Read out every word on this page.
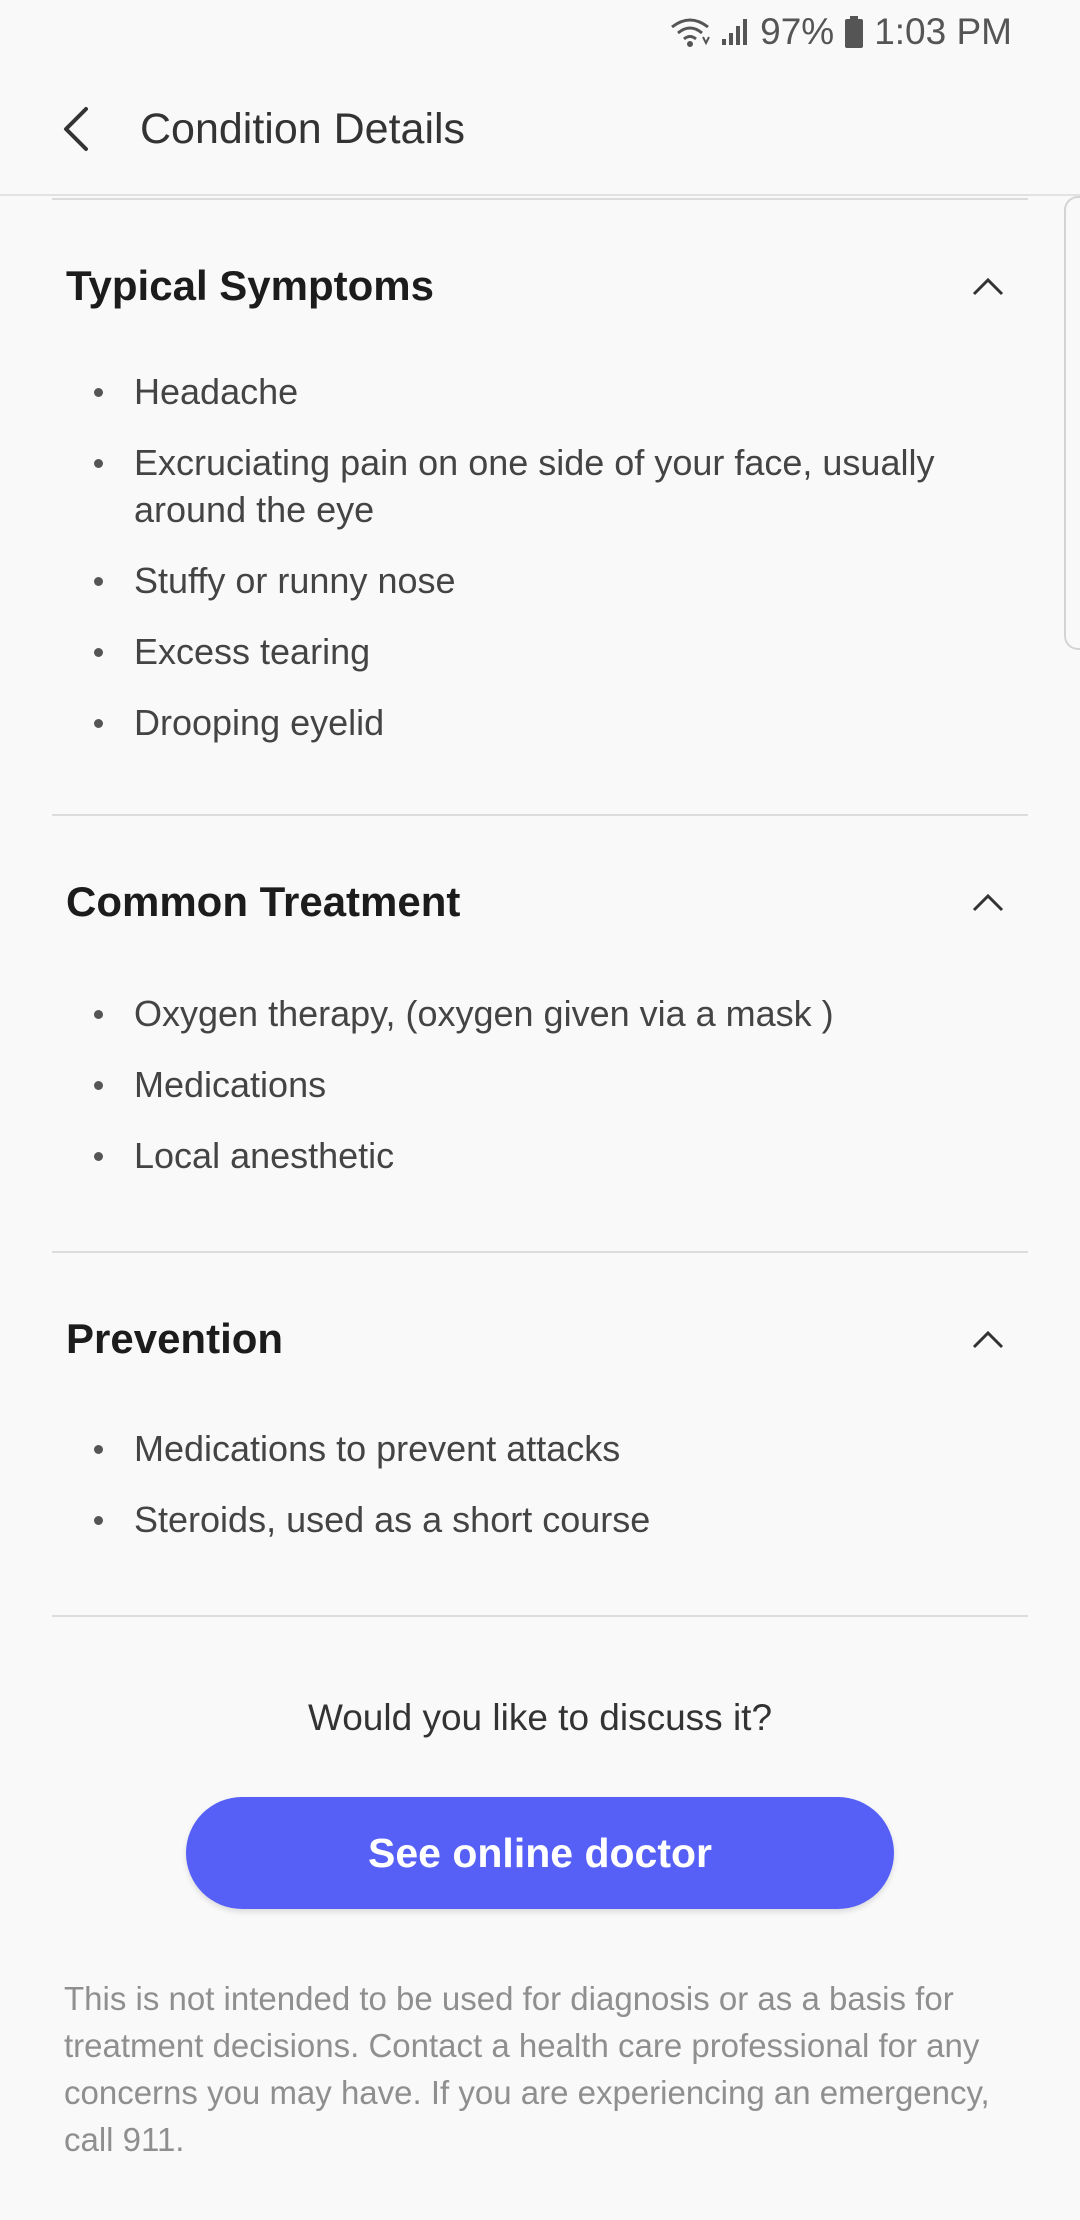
97% 1:03 PM
Condition Details
Typical Symptoms
Headache
Excruciating pain on one side of your face, usually around the eye
Stuffy or runny nose
Excess tearing
Drooping eyelid
Common Treatment
Oxygen therapy, (oxygen given via a mask )
Medications
Local anesthetic
Prevention
Medications to prevent attacks
Steroids, used as a short course
Would you like to discuss it?
See online doctor
This is not intended to be used for diagnosis or as a basis for treatment decisions. Contact a health care professional for any concerns you may have. If you are experiencing an emergency, call 911.
